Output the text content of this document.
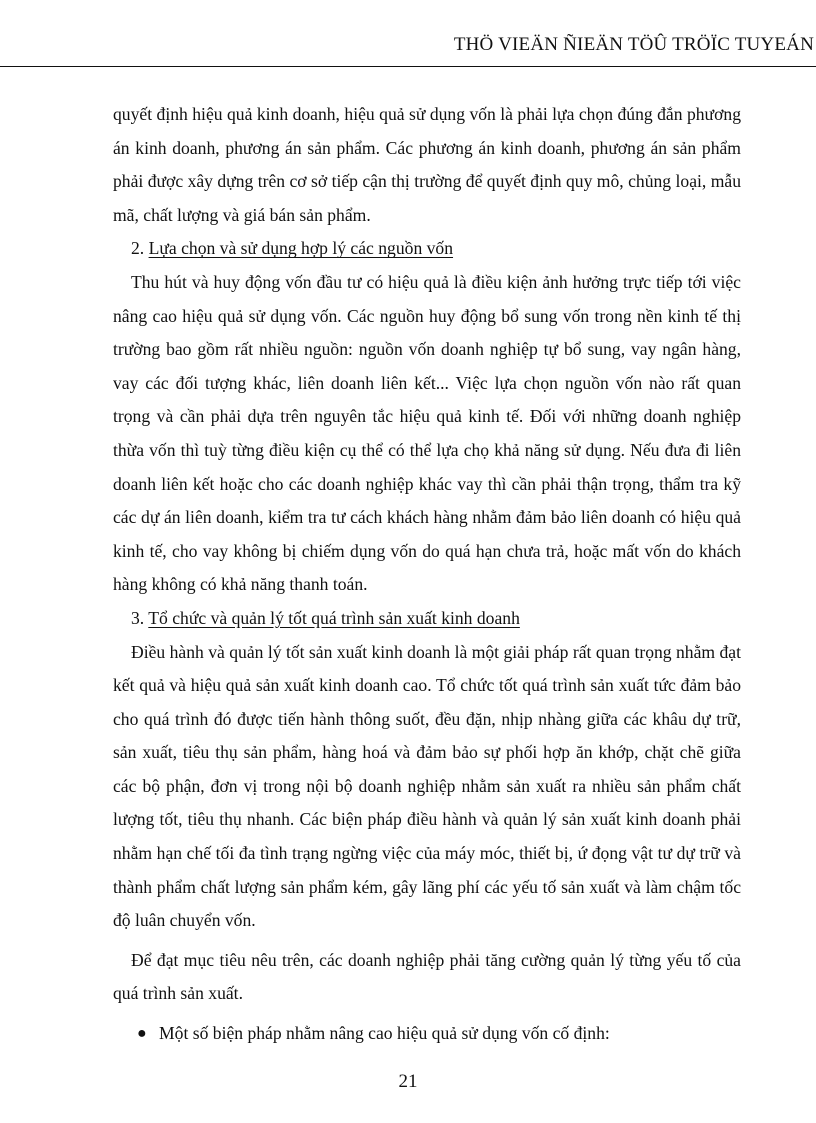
THÖ VIEÄN ÑIEÄN TÖÛ TRÖÏC TUYEÁN

quyết định hiệu quả kinh doanh, hiệu quả sử dụng vốn là phải lựa chọn đúng đắn phương án kinh doanh, phương án sản phẩm. Các phương án kinh doanh, phương án sản phẩm phải được xây dựng trên cơ sở tiếp cận thị trường để quyết định quy mô, chủng loại, mẫu mã, chất lượng và giá bán sản phẩm.

2. Lựa chọn và sử dụng hợp lý các nguồn vốn

Thu hút và huy động vốn đầu tư có hiệu quả là điều kiện ảnh hưởng trực tiếp tới việc nâng cao hiệu quả sử dụng vốn. Các nguồn huy động bổ sung vốn trong nền kinh tế thị trường bao gồm rất nhiều nguồn: nguồn vốn doanh nghiệp tự bổ sung, vay ngân hàng, vay các đối tượng khác, liên doanh liên kết... Việc lựa chọn nguồn vốn nào rất quan trọng và cần phải dựa trên nguyên tắc hiệu quả kinh tế. Đối với những doanh nghiệp thừa vốn thì tuỳ từng điều kiện cụ thể có thể lựa chọ khả năng sử dụng. Nếu đưa đi liên doanh liên kết hoặc cho các doanh nghiệp khác vay thì cần phải thận trọng, thẩm tra kỹ các dự án liên doanh, kiểm tra tư cách khách hàng nhằm đảm bảo liên doanh có hiệu quả kinh tế, cho vay không bị chiếm dụng vốn do quá hạn chưa trả, hoặc mất vốn do khách hàng không có khả năng thanh toán.

3. Tổ chức và quản lý tốt quá trình sản xuất kinh doanh

Điều hành và quản lý tốt sản xuất kinh doanh là một giải pháp rất quan trọng nhằm đạt kết quả và hiệu quả sản xuất kinh doanh cao. Tổ chức tốt quá trình sản xuất tức đảm bảo cho quá trình đó được tiến hành thông suốt, đều đặn, nhịp nhàng giữa các khâu dự trữ, sản xuất, tiêu thụ sản phẩm, hàng hoá và đảm bảo sự phối hợp ăn khớp, chặt chẽ giữa các bộ phận, đơn vị trong nội bộ doanh nghiệp nhằm sản xuất ra nhiều sản phẩm chất lượng tốt, tiêu thụ nhanh. Các biện pháp điều hành và quản lý sản xuất kinh doanh phải nhằm hạn chế tối đa tình trạng ngừng việc của máy móc, thiết bị, ứ đọng vật tư dự trữ và thành phẩm chất lượng sản phẩm kém, gây lãng phí các yếu tố sản xuất và làm chậm tốc độ luân chuyển vốn.

Để đạt mục tiêu nêu trên, các doanh nghiệp phải tăng cường quản lý từng yếu tố của quá trình sản xuất.

● Một số biện pháp nhằm nâng cao hiệu quả sử dụng vốn cố định:

21
